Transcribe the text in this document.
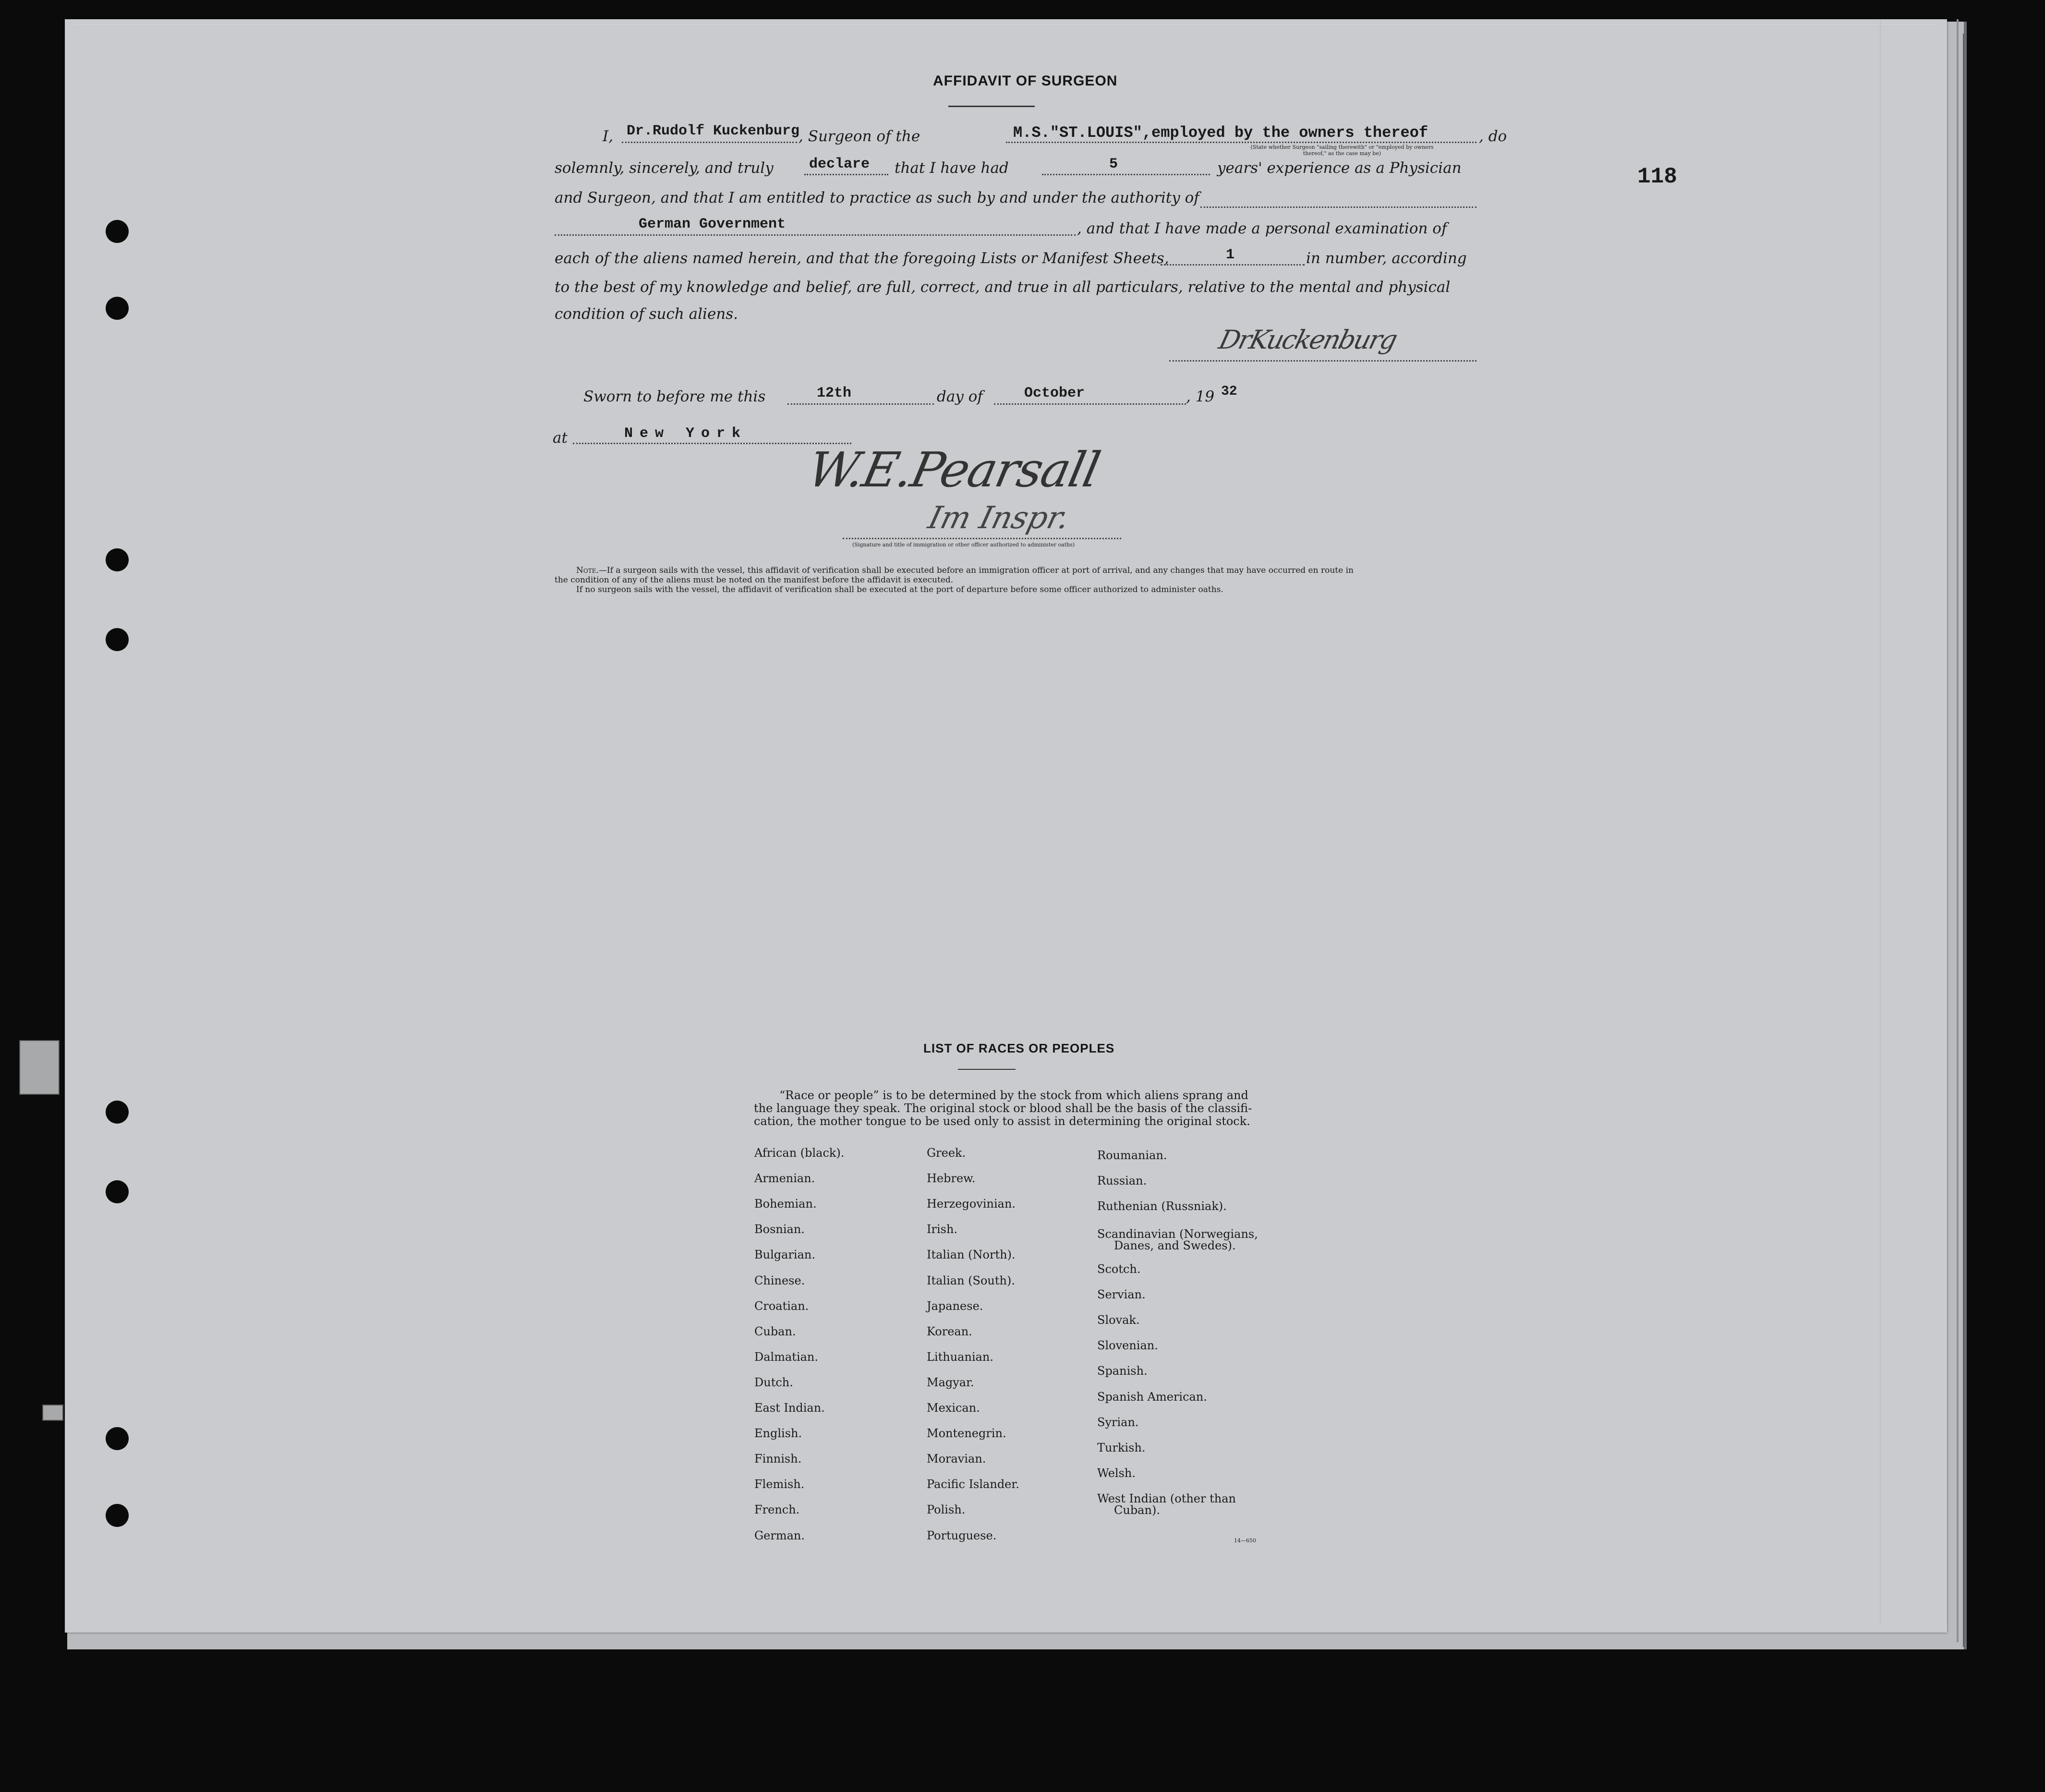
118
AFFIDAVIT OF SURGEON
I, Dr.Rudolf Kuckenburg
, Surgeon of the	M.S."ST.LOUIS",employed by the owners thereof	, do
(State whether Surgeon "sailing therewith" or "employed by owners thereof," as the case may be)
solemnly, sincerely, and truly declare that I have had	5	years' experience as a Physician
and Surgeon, and that I am entitled to practice as such by and under the authority of
German Government	, and that I have made a personal examination of
each of the aliens named herein, and that the foregoing Lists or Manifest Sheets,	1	in number, according
to the best of my knowledge and belief, are full, correct, and true in all particulars, relative to the mental and physical
condition of such aliens.
DrKuckenburg
Sworn to before me this	12th	day of	October	, 19 32
at	New York
W.E.Pearsall
Im Inspr.
(Signature and title of immigration or other officer authorized to administer oaths)
Note.—If a surgeon sails with the vessel, this affidavit of verification shall be executed before an immigration officer at port of arrival, and any changes that may have occurred en route in
the condition of any of the aliens must be noted on the manifest before the affidavit is executed.
If no surgeon sails with the vessel, the affidavit of verification shall be executed at the port of departure before some officer authorized to administer oaths.
LIST OF RACES OR PEOPLES
“Race or people” is to be determined by the stock from which aliens sprang and
the language they speak. The original stock or blood shall be the basis of the classifi-
cation, the mother tongue to be used only to assist in determining the original stock.
African (black).
Armenian.
Bohemian.
Bosnian.
Bulgarian.
Chinese.
Croatian.
Cuban.
Dalmatian.
Dutch.
East Indian.
English.
Finnish.
Flemish.
French.
German.
Greek.
Hebrew.
Herzegovinian.
Irish.
Italian (North).
Italian (South).
Japanese.
Korean.
Lithuanian.
Magyar.
Mexican.
Montenegrin.
Moravian.
Pacific Islander.
Polish.
Portuguese.
Roumanian.
Russian.
Ruthenian (Russniak).
Scandinavian (Norwegians,
Danes, and Swedes).
Scotch.
Servian.
Slovak.
Slovenian.
Spanish.
Spanish American.
Syrian.
Turkish.
Welsh.
West Indian (other than
Cuban).
14—650
